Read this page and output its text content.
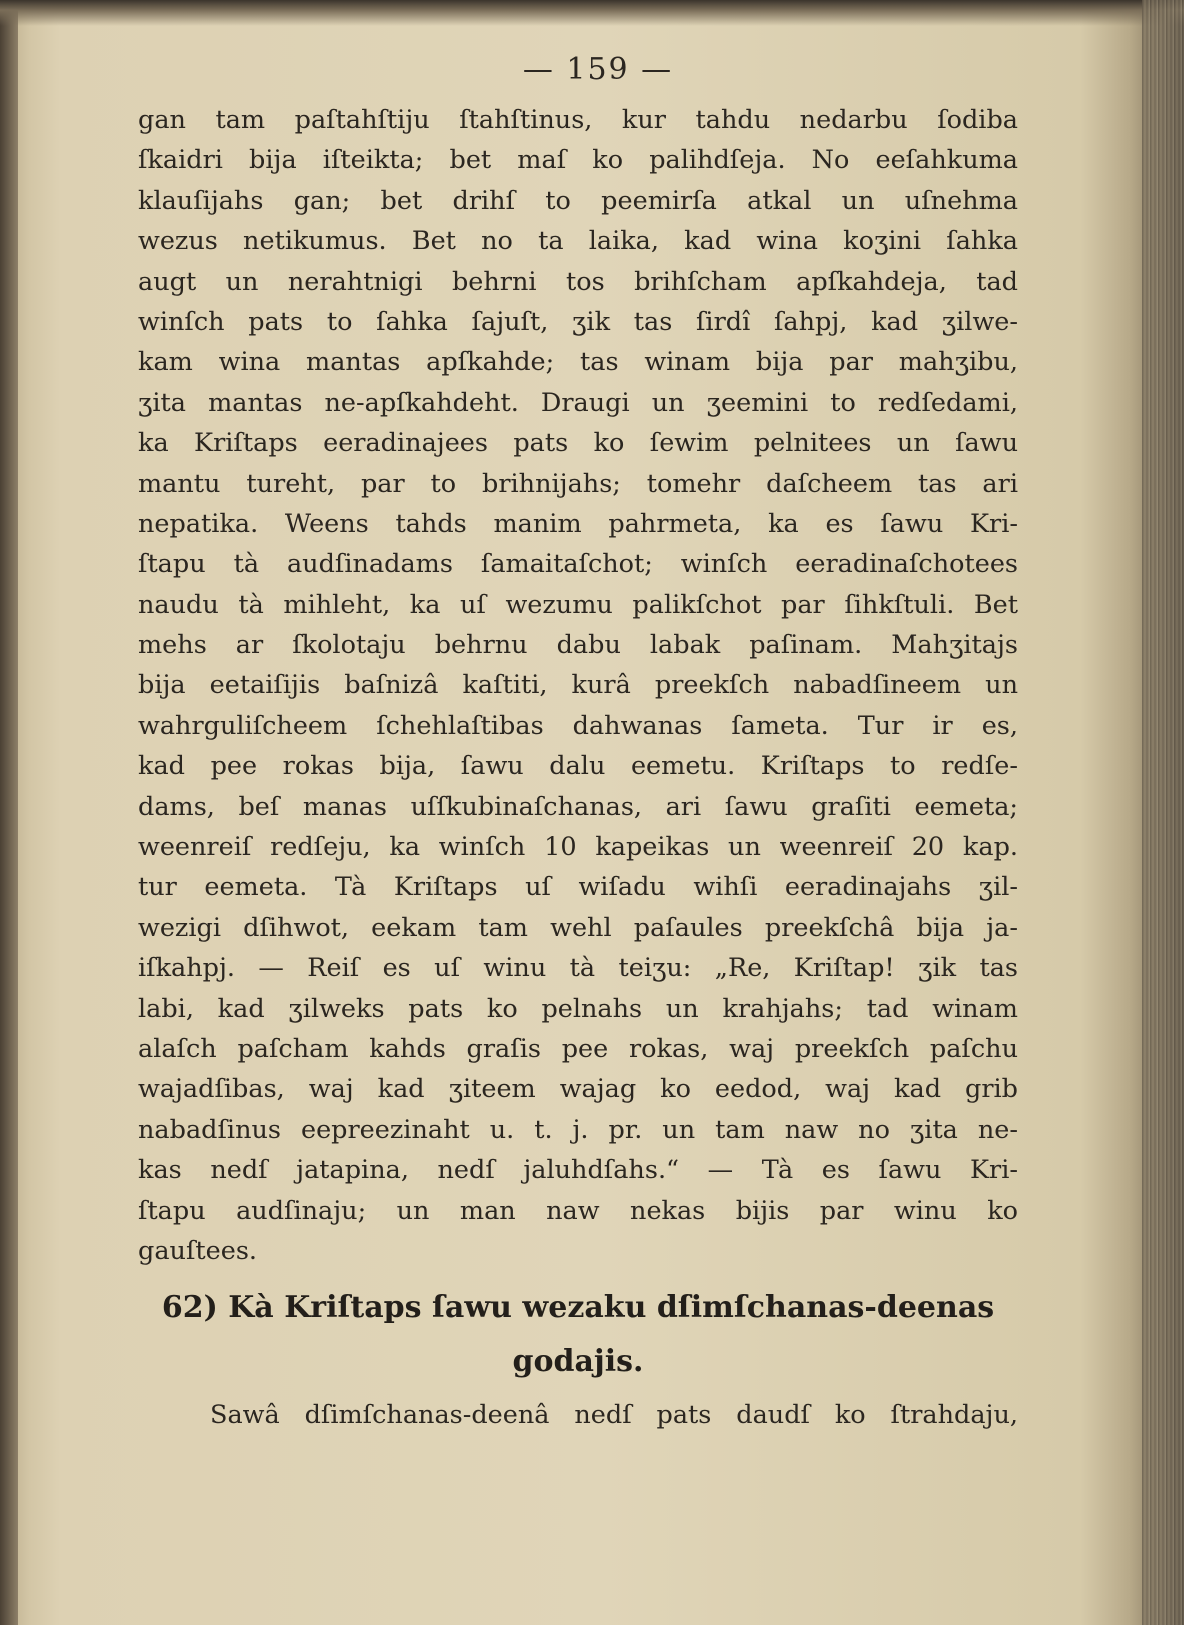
— 159 —
gan tam paſtahſtiju ſtahſtinus, kur tahdu nedarbu ſodiba
ſkaidri bija iſteikta; bet maſ ko palihdſeja. No eeſahkuma
klauſijahs gan; bet drihſ to peemirſa atkal un uſnehma
wezus netikumus. Bet no ta laika, kad wina koʒini ſahka
augt un nerahtnigi behrni tos brihſcham apſkahdeja, tad
winſch pats to ſahka ſajuſt, ʒik tas ſirdî ſahpj, kad ʒilwe-
kam wina mantas apſkahde; tas winam bija par mahʒibu,
ʒita mantas ne-apſkahdeht. Draugi un ʒeemini to redſedami,
ka Kriſtaps eeradinajees pats ko ſewim pelnitees un ſawu
mantu tureht, par to brihnijahs; tomehr daſcheem tas ari
nepatika. Weens tahds manim pahrmeta, ka es ſawu Kri-
ſtapu tà audſinadams ſamaitaſchot; winſch eeradinaſchotees
naudu tà mihleht, ka uſ wezumu palikſchot par ſihkſtuli. Bet
mehs ar ſkolotaju behrnu dabu labak paſinam. Mahʒitajs
bija eetaiſijis baſnizâ kaſtiti, kurâ preekſch nabadſineem un
wahrguliſcheem ſchehlaſtibas dahwanas ſameta. Tur ir es,
kad pee rokas bija, ſawu dalu eemetu. Kriſtaps to redſe-
dams, beſ manas uſſkubinaſchanas, ari ſawu graſiti eemeta;
weenreiſ redſeju, ka winſch 10 kapeikas un weenreiſ 20 kap.
tur eemeta. Tà Kriſtaps uſ wiſadu wihſi eeradinajahs ʒil-
wezigi dſihwot, eekam tam wehl paſaules preekſchâ bija ja-
iſkahpj. — Reiſ es uſ winu tà teiʒu: „Re, Kriſtap! ʒik tas
labi, kad ʒilweks pats ko pelnahs un krahjahs; tad winam
alaſch paſcham kahds graſis pee rokas, waj preekſch paſchu
wajadſibas, waj kad ʒiteem wajag ko eedod, waj kad grib
nabadſinus eepreezinaht u. t. j. pr. un tam naw no ʒita ne-
kas nedſ jatapina, nedſ jaluhdſahs.“ — Tà es ſawu Kri-
ſtapu audſinaju; un man naw nekas bijis par winu ko
gauſtees.
62) Kà Kriſtaps ſawu wezaku dſimſchanas-deenas
godajis.
Sawâ dſimſchanas-deenâ nedſ pats daudſ ko ſtrahdaju,
